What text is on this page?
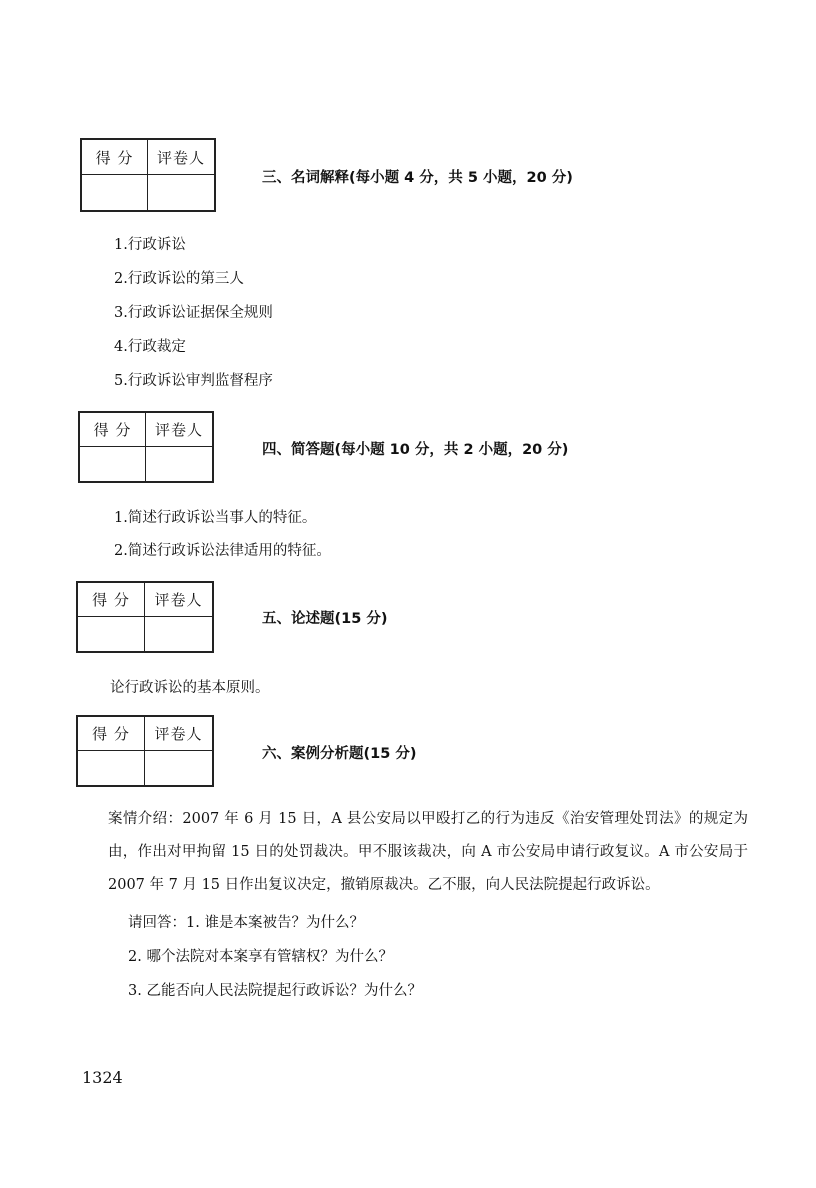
得 分	评卷人
三、名词解释(每小题 4 分，共 5 小题，20 分)
1.行政诉讼
2.行政诉讼的第三人
3.行政诉讼证据保全规则
4.行政裁定
5.行政诉讼审判监督程序
得 分	评卷人
四、简答题(每小题 10 分，共 2 小题，20 分)
1.简述行政诉讼当事人的特征。
2.简述行政诉讼法律适用的特征。
得 分	评卷人
五、论述题(15 分)
论行政诉讼的基本原则。
得 分	评卷人
六、案例分析题(15 分)
案情介绍：2007 年 6 月 15 日，A 县公安局以甲殴打乙的行为违反《治安管理处罚法》的规定为由，作出对甲拘留 15 日的处罚裁决。甲不服该裁决，向 A 市公安局申请行政复议。A 市公安局于 2007 年 7 月 15 日作出复议决定，撤销原裁决。乙不服，向人民法院提起行政诉讼。
请回答：1. 谁是本案被告？为什么？
2. 哪个法院对本案享有管辖权？为什么？
3. 乙能否向人民法院提起行政诉讼？为什么？
1324
